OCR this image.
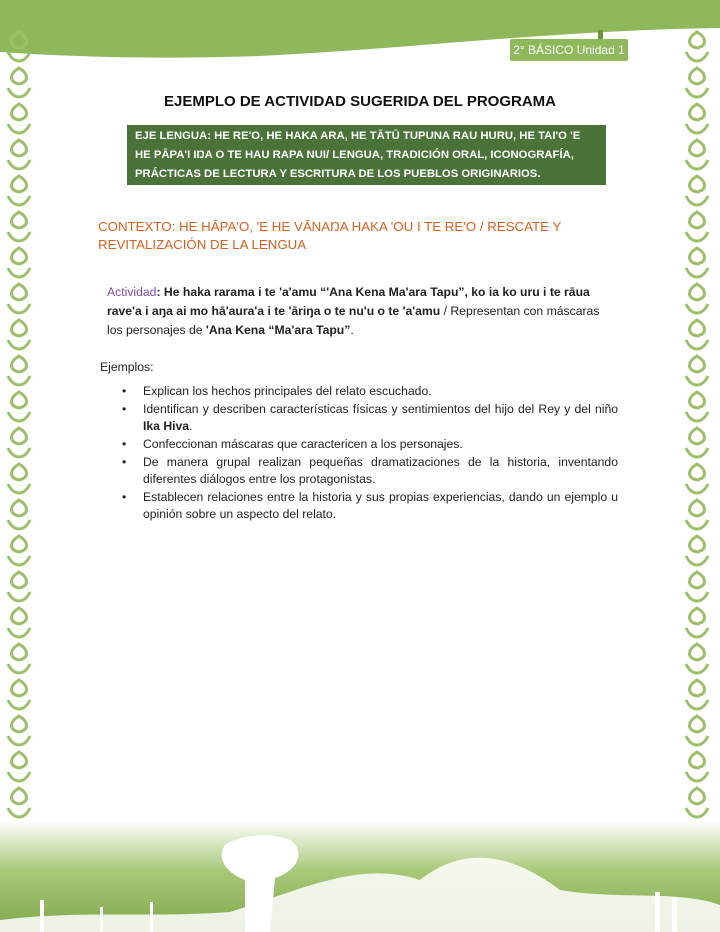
2° BÁSICO Unidad 1
EJEMPLO DE ACTIVIDAD SUGERIDA DEL PROGRAMA
EJE LENGUA: HE RE'O, HE HAKA ARA, HE TĀTŪ TUPUNA RAU HURU, HE TAI'O 'E HE PĀPA'I IŊA O TE HAU RAPA NUI/ LENGUA, TRADICIÓN ORAL, ICONOGRAFÍA, PRÁCTICAS DE LECTURA Y ESCRITURA DE LOS PUEBLOS ORIGINARIOS.
CONTEXTO: HE HĀPA'O, 'E HE VĀNAŊA HAKA 'OU I TE RE'O / RESCATE Y REVITALIZACIÓN DE LA LENGUA
Actividad: He haka rarama i te 'a'amu “'Ana Kena Ma'ara Tapu”, ko ia ko uru i te rāua rave'a i aŋa ai mo hā'aura'a i te 'āriŋa o te nu'u o te 'a'amu / Representan con máscaras los personajes de 'Ana Kena “Ma'ara Tapu”.
Ejemplos:
• Explican los hechos principales del relato escuchado.
• Identifican y describen características físicas y sentimientos del hijo del Rey y del niño Ika Hiva.
• Confeccionan máscaras que caractericen a los personajes.
• De manera grupal realizan pequeñas dramatizaciones de la historia, inventando diferentes diálogos entre los protagonistas.
• Establecen relaciones entre la historia y sus propias experiencias, dando un ejemplo u opinión sobre un aspecto del relato.
